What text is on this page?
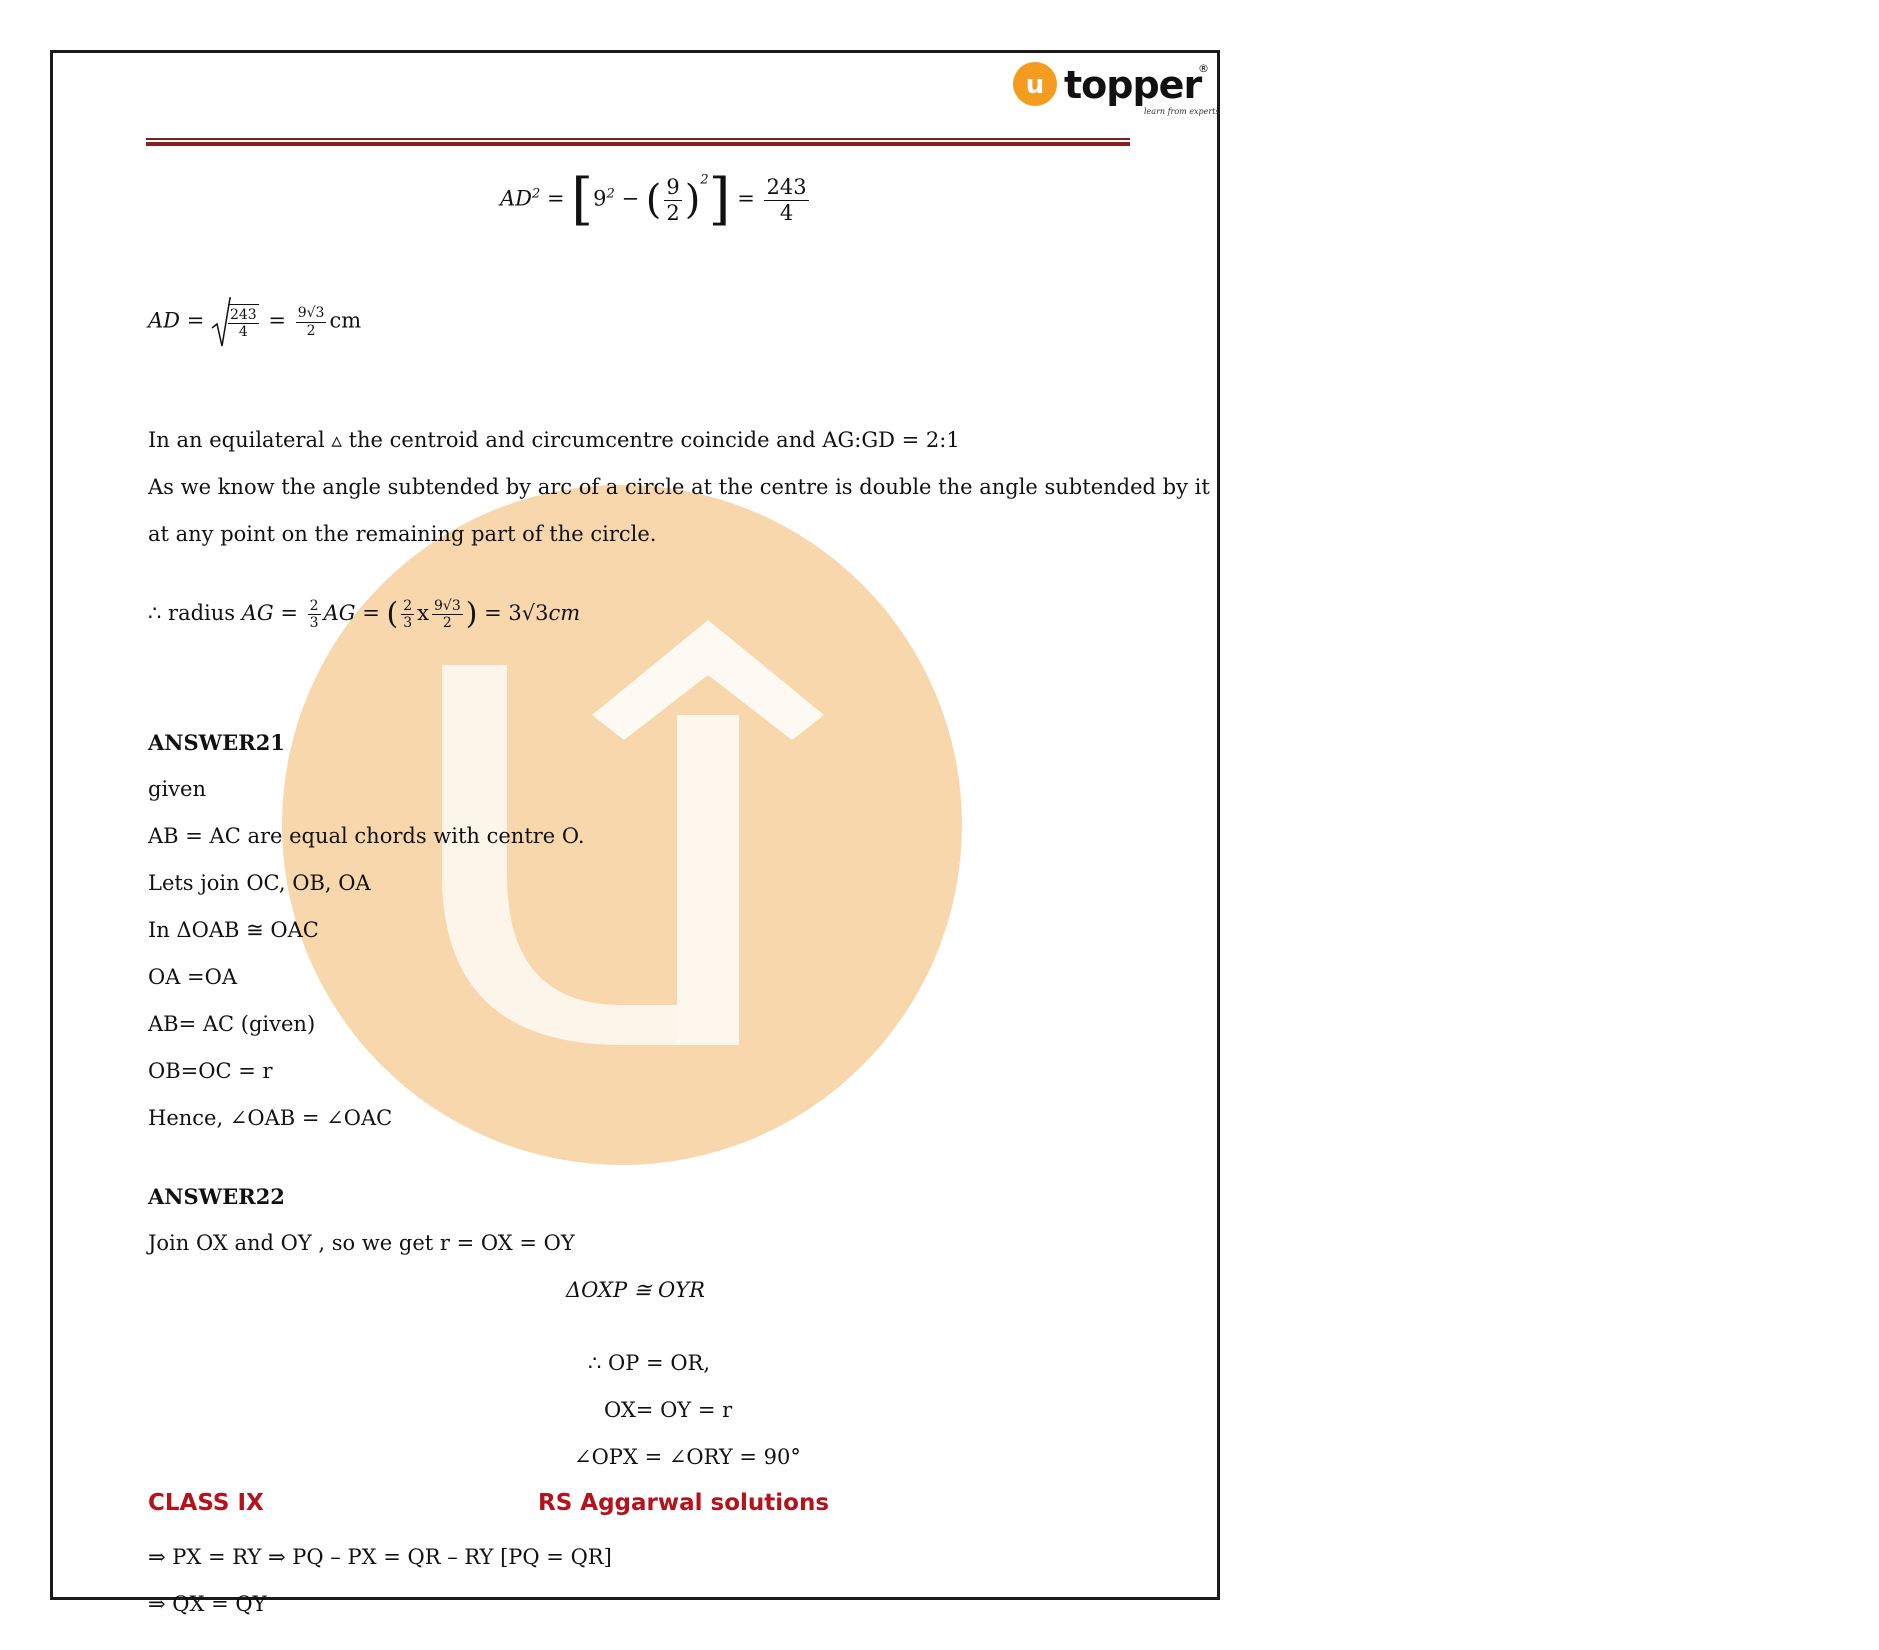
u topper
®
learn from experts
$AD^2 = [9^2$ − ( $\frac{9}{2} )^2] = \frac{243}{4}$
AD = $\frac{243}{4} = \frac{9√3}{2}$ cm
In an equilateral ▵ the centroid and circumcentre coincide and AG:GD = 2:1
As we know the angle subtended by arc of a circle at the centre is double the angle subtended by it
at any point on the remaining part of the circle.
∴ radius AG = $\frac{2}{3}$ AG = ( $\frac{2}{3}$ x $\frac{9√3}{2}$ ) = 3√3cm
ANSWER21
given
AB = AC are equal chords with centre O.
Lets join OC, OB, OA
In ΔOAB ≅ OAC
OA =OA
AB= AC (given)
OB=OC = r
Hence, ∠OAB = ∠OAC
ANSWER22
Join OX and OY , so we get r = OX = OY
ΔOXP ≅ OYR
∴ OP = OR,
OX= OY = r
∠OPX = ∠ORY = 90°
⇒ PX = RY ⇒ PQ – PX = QR – RY [PQ = QR]
⇒ QX = QY
CLASS IX	RS Aggarwal solutions
